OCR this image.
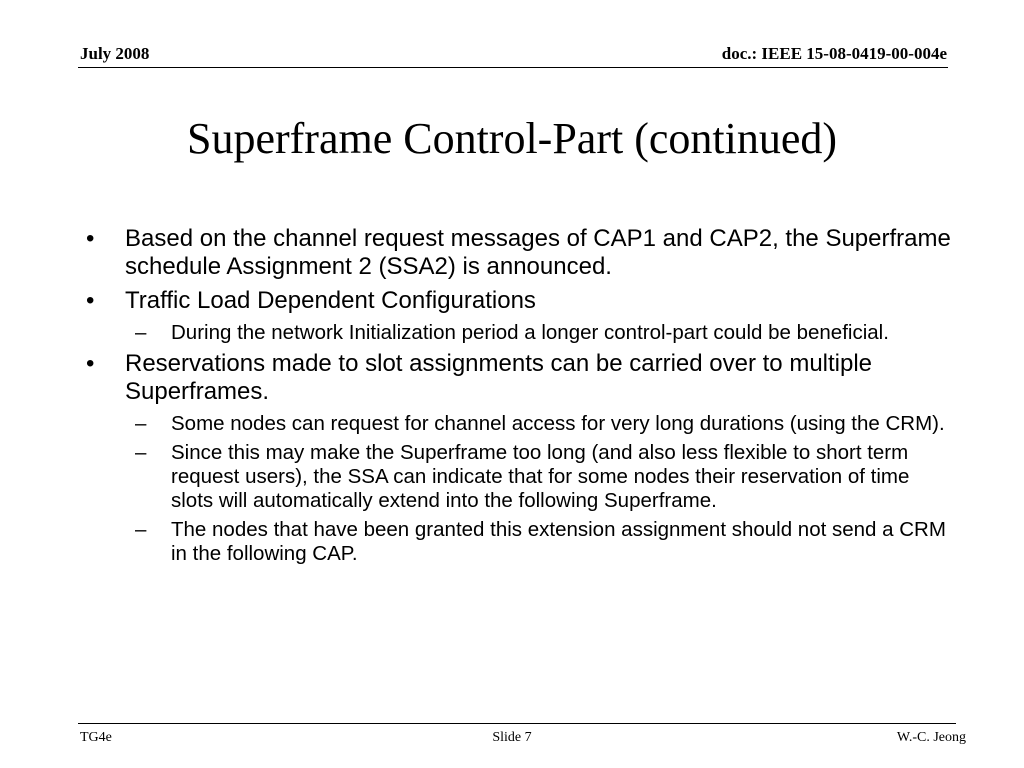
July 2008	doc.: IEEE 15-08-0419-00-004e
Superframe Control-Part (continued)
• Based on the channel request messages of CAP1 and CAP2, the Superframe schedule Assignment 2 (SSA2) is announced.
• Traffic Load Dependent Configurations
– During the network Initialization period a longer control-part could be beneficial.
• Reservations made to slot assignments can be carried over to multiple Superframes.
– Some nodes can request for channel access for very long durations (using the CRM).
– Since this may make the Superframe too long (and also less flexible to short term request users), the SSA can indicate that for some nodes their reservation of time slots will automatically extend into the following Superframe.
– The nodes that have been granted this extension assignment should not send a CRM in the following CAP.
TG4e	Slide 7	W.-C. Jeong
